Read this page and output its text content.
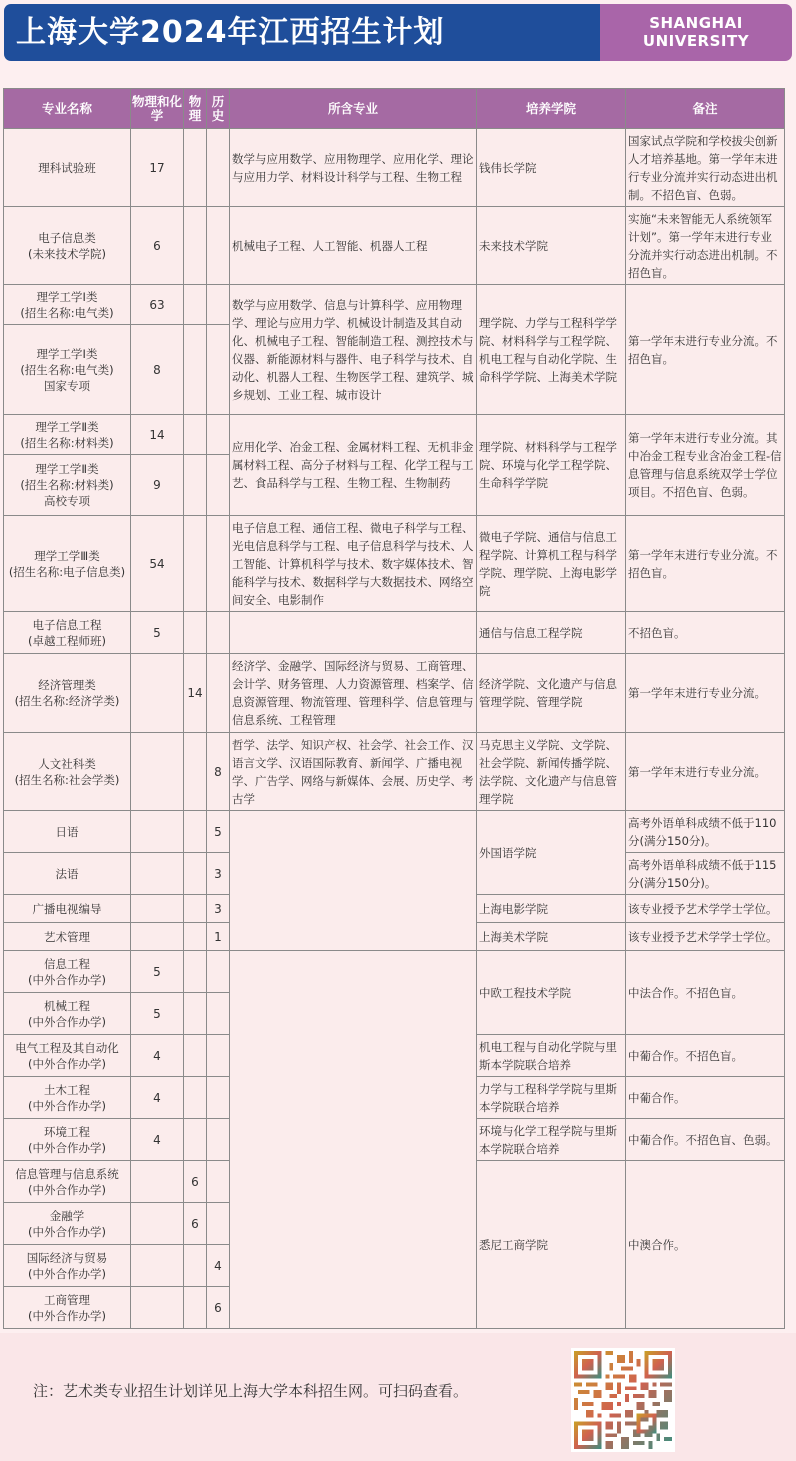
上海大学2024年江西招生计划	SHANGHAI
UNIVERSITY
专业名称	物理和化学	物理	历史	所含专业	培养学院	备注
理科试验班	17			数学与应用数学、应用物理学、应用化学、理论与应用力学、材料设计科学与工程、生物工程	钱伟长学院	国家试点学院和学校拔尖创新人才培养基地。第一学年末进行专业分流并实行动态进出机制。不招色盲、色弱。
电子信息类
(未来技术学院)	6			机械电子工程、人工智能、机器人工程	未来技术学院	实施“未来智能无人系统领军计划”。第一学年末进行专业分流并实行动态进出机制。不招色盲。
理学工学Ⅰ类
(招生名称:电气类)	63			数学与应用数学、信息与计算科学、应用物理学、理论与应用力学、机械设计制造及其自动化、机械电子工程、智能制造工程、测控技术与仪器、新能源材料与器件、电子科学与技术、自动化、机器人工程、生物医学工程、建筑学、城乡规划、工业工程、城市设计	理学院、力学与工程科学学院、材料科学与工程学院、机电工程与自动化学院、生命科学学院、上海美术学院	第一学年末进行专业分流。不招色盲。
理学工学Ⅰ类
(招生名称:电气类)
国家专项	8					
理学工学Ⅱ类
(招生名称:材料类)	14			应用化学、冶金工程、金属材料工程、无机非金属材料工程、高分子材料与工程、化学工程与工艺、食品科学与工程、生物工程、生物制药	理学院、材料科学与工程学院、环境与化学工程学院、生命科学学院	第一学年末进行专业分流。其中冶金工程专业含冶金工程-信息管理与信息系统双学士学位项目。不招色盲、色弱。
理学工学Ⅱ类
(招生名称:材料类)
高校专项	9					
理学工学Ⅲ类
(招生名称:电子信息类)	54			电子信息工程、通信工程、微电子科学与工程、光电信息科学与工程、电子信息科学与技术、人工智能、计算机科学与技术、数字媒体技术、智能科学与技术、数据科学与大数据技术、网络空间安全、电影制作	微电子学院、通信与信息工程学院、计算机工程与科学学院、理学院、上海电影学院	第一学年末进行专业分流。不招色盲。
电子信息工程
(卓越工程师班)	5				通信与信息工程学院	不招色盲。
经济管理类
(招生名称:经济学类)		14		经济学、金融学、国际经济与贸易、工商管理、会计学、财务管理、人力资源管理、档案学、信息资源管理、物流管理、管理科学、信息管理与信息系统、工程管理	经济学院、文化遗产与信息管理学院、管理学院	第一学年末进行专业分流。
人文社科类
(招生名称:社会学类)			8	哲学、法学、知识产权、社会学、社会工作、汉语言文学、汉语国际教育、新闻学、广播电视学、广告学、网络与新媒体、会展、历史学、考古学	马克思主义学院、文学院、社会学院、新闻传播学院、法学院、文化遗产与信息管理学院	第一学年末进行专业分流。
日语			5		外国语学院	高考外语单科成绩不低于110分(满分150分)。
法语			3			高考外语单科成绩不低于115分(满分150分)。
广播电视编导			3		上海电影学院	该专业授予艺术学学士学位。
艺术管理			1		上海美术学院	该专业授予艺术学学士学位。
信息工程
(中外合作办学)	5				中欧工程技术学院	中法合作。不招色盲。
机械工程
(中外合作办学)	5					
电气工程及其自动化
(中外合作办学)	4				机电工程与自动化学院与里斯本学院联合培养	中葡合作。不招色盲。
土木工程
(中外合作办学)	4				力学与工程科学学院与里斯本学院联合培养	中葡合作。
环境工程
(中外合作办学)	4				环境与化学工程学院与里斯本学院联合培养	中葡合作。不招色盲、色弱。
信息管理与信息系统
(中外合作办学)		6			悉尼工商学院	中澳合作。
金融学
(中外合作办学)		6				
国际经济与贸易
(中外合作办学)			4			
工商管理
(中外合作办学)			6			
注：艺术类专业招生计划详见上海大学本科招生网。可扫码查看。
